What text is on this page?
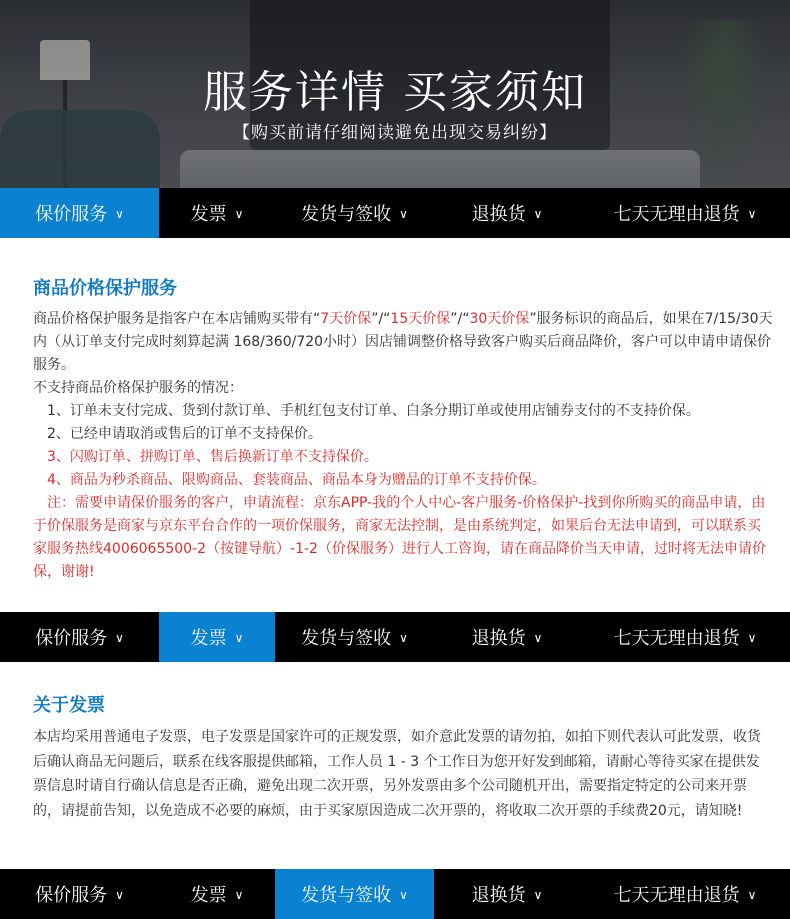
服务详情 买家须知
【购买前请仔细阅读避免出现交易纠纷】
保价服务 ∨	发票 ∨	发货与签收 ∨	退换货 ∨	七天无理由退货 ∨
商品价格保护服务
商品价格保护服务是指客户在本店铺购买带有“7天价保”/“15天价保”/“30天价保”服务标识的商品后，如果在7/15/30天内（从订单支付完成时刻算起满 168/360/720小时）因店铺调整价格导致客户购买后商品降价，客户可以申请申请保价服务。
不支持商品价格保护服务的情况：
1、订单未支付完成、货到付款订单、手机红包支付订单、白条分期订单或使用店铺券支付的不支持价保。
2、已经申请取消或售后的订单不支持保价。
3、闪购订单、拼购订单、售后换新订单不支持保价。
4、商品为秒杀商品、限购商品、套装商品、商品本身为赠品的订单不支持价保。
注：需要申请保价服务的客户，申请流程：京东APP-我的个人中心-客户服务-价格保护-找到你所购买的商品申请，由于价保服务是商家与京东平台合作的一项价保服务，商家无法控制，是由系统判定，如果后台无法申请到，可以联系买家服务热线4006065500-2（按键导航）-1-2（价保服务）进行人工咨询，请在商品降价当天申请，过时将无法申请价保，谢谢!
保价服务 ∨	发票 ∨	发货与签收 ∨	退换货 ∨	七天无理由退货 ∨
关于发票
本店均采用普通电子发票，电子发票是国家许可的正规发票，如介意此发票的请勿拍，如拍下则代表认可此发票，收货后确认商品无问题后，联系在线客服提供邮箱，工作人员 1 - 3 个工作日为您开好发到邮箱，请耐心等待买家在提供发票信息时请自行确认信息是否正确，避免出现二次开票，另外发票由多个公司随机开出，需要指定特定的公司来开票的，请提前告知，以免造成不必要的麻烦，由于买家原因造成二次开票的，将收取二次开票的手续费20元，请知晓!
保价服务 ∨	发票 ∨	发货与签收 ∨	退换货 ∨	七天无理由退货 ∨
